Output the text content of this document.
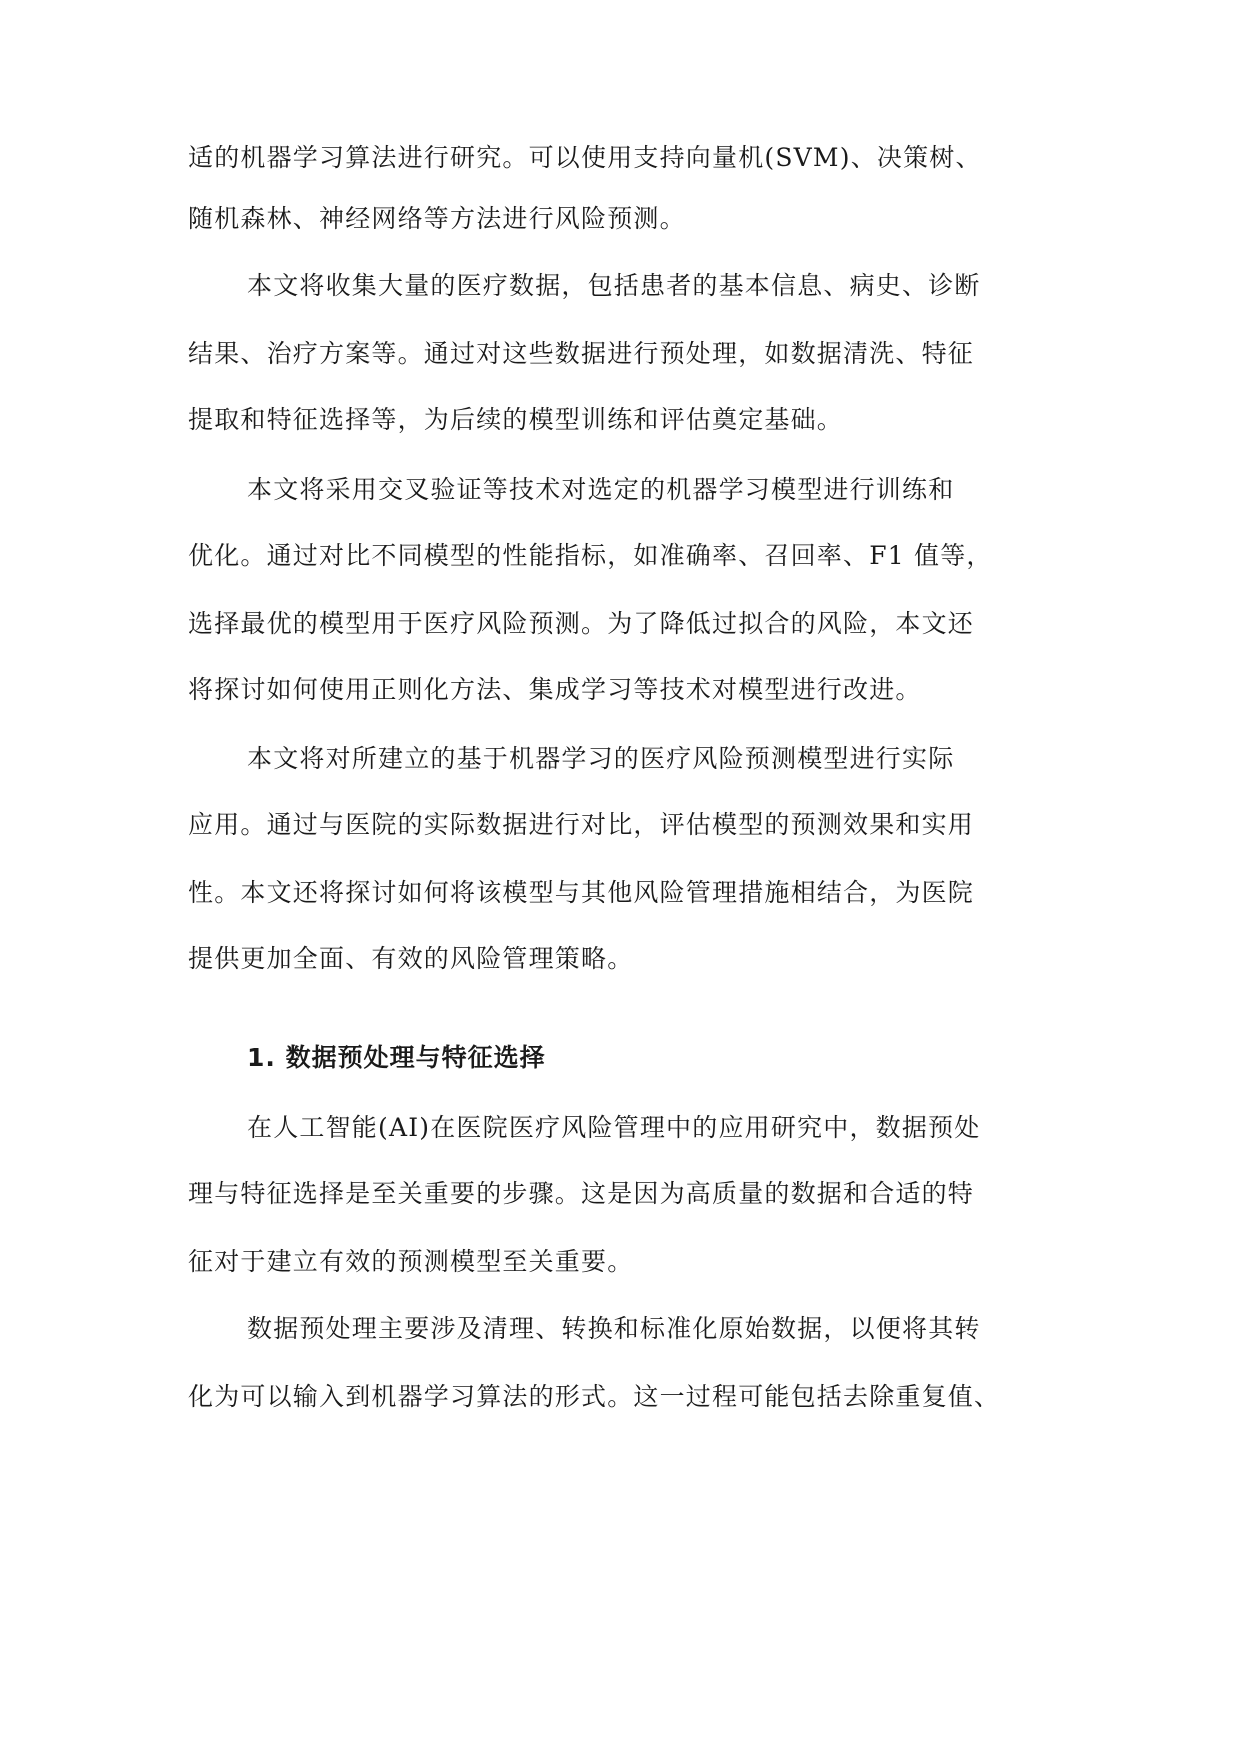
适的机器学习算法进行研究。可以使用支持向量机(SVM)、决策树、
随机森林、神经网络等方法进行风险预测。
本文将收集大量的医疗数据，包括患者的基本信息、病史、诊断
结果、治疗方案等。通过对这些数据进行预处理，如数据清洗、特征
提取和特征选择等，为后续的模型训练和评估奠定基础。
本文将采用交叉验证等技术对选定的机器学习模型进行训练和
优化。通过对比不同模型的性能指标，如准确率、召回率、F1 值等，
选择最优的模型用于医疗风险预测。为了降低过拟合的风险，本文还
将探讨如何使用正则化方法、集成学习等技术对模型进行改进。
本文将对所建立的基于机器学习的医疗风险预测模型进行实际
应用。通过与医院的实际数据进行对比，评估模型的预测效果和实用
性。本文还将探讨如何将该模型与其他风险管理措施相结合，为医院
提供更加全面、有效的风险管理策略。
1. 数据预处理与特征选择
在人工智能(AI)在医院医疗风险管理中的应用研究中，数据预处
理与特征选择是至关重要的步骤。这是因为高质量的数据和合适的特
征对于建立有效的预测模型至关重要。
数据预处理主要涉及清理、转换和标准化原始数据，以便将其转
化为可以输入到机器学习算法的形式。这一过程可能包括去除重复值、
